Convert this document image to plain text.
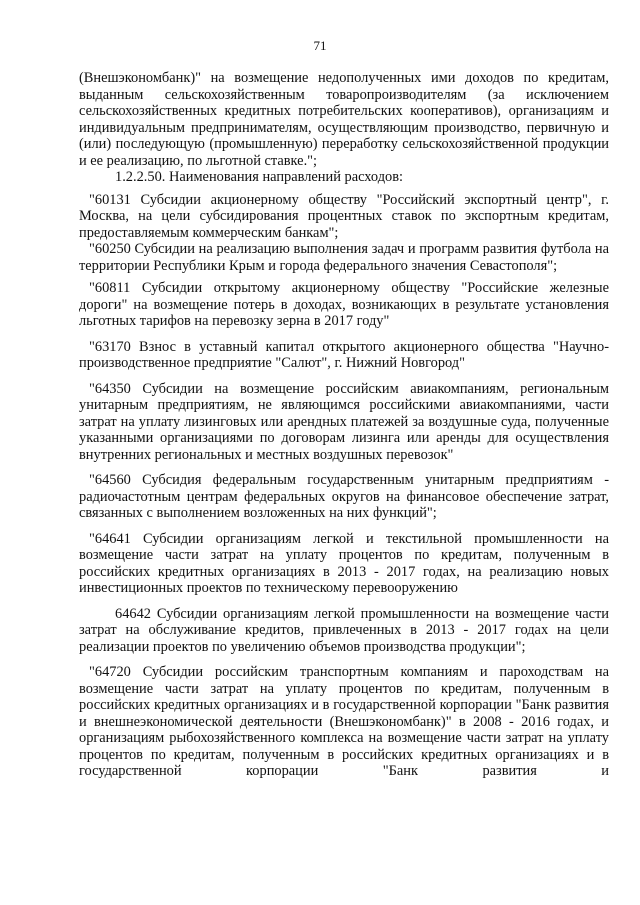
71

(Внешэкономбанк)" на возмещение недополученных ими доходов по кредитам, выданным сельскохозяйственным товаропроизводителям (за исключением сельскохозяйственных кредитных потребительских кооперативов), организациям и индивидуальным предпринимателям, осуществляющим производство, первичную и (или) последующую (промышленную) переработку сельскохозяйственной продукции и ее реализацию, по льготной ставке.";

1.2.2.50. Наименования направлений расходов:

"60131 Субсидии акционерному обществу "Российский экспортный центр", г. Москва, на цели субсидирования процентных ставок по экспортным кредитам, предоставляемым коммерческим банкам";

"60250 Субсидии на реализацию выполнения задач и программ развития футбола на территории Республики Крым и города федерального значения Севастополя";

"60811 Субсидии открытому акционерному обществу "Российские железные дороги" на возмещение потерь в доходах, возникающих в результате установления льготных тарифов на перевозку зерна в 2017 году"

"63170 Взнос в уставный капитал открытого акционерного общества "Научно-производственное предприятие "Салют", г. Нижний Новгород"

"64350 Субсидии на возмещение российским авиакомпаниям, региональным унитарным предприятиям, не являющимся российскими авиакомпаниями, части затрат на уплату лизинговых или арендных платежей за воздушные суда, полученные указанными организациями по договорам лизинга или аренды для осуществления внутренних региональных и местных воздушных перевозок"

"64560 Субсидия федеральным государственным унитарным предприятиям - радиочастотным центрам федеральных округов на финансовое обеспечение затрат, связанных с выполнением возложенных на них функций";

"64641 Субсидии организациям легкой и текстильной промышленности на возмещение части затрат на уплату процентов по кредитам, полученным в российских кредитных организациях в 2013 - 2017 годах, на реализацию новых инвестиционных проектов по техническому перевооружению

64642 Субсидии организациям легкой промышленности на возмещение части затрат на обслуживание кредитов, привлеченных в 2013 - 2017 годах на цели реализации проектов по увеличению объемов производства продукции";

"64720 Субсидии российским транспортным компаниям и пароходствам на возмещение части затрат на уплату процентов по кредитам, полученным в российских кредитных организациях и в государственной корпорации "Банк развития и внешнеэкономической деятельности (Внешэкономбанк)" в 2008 - 2016 годах, и организациям рыбохозяйственного комплекса на возмещение части затрат на уплату процентов по кредитам, полученным в российских кредитных организациях и в государственной корпорации "Банк развития и
